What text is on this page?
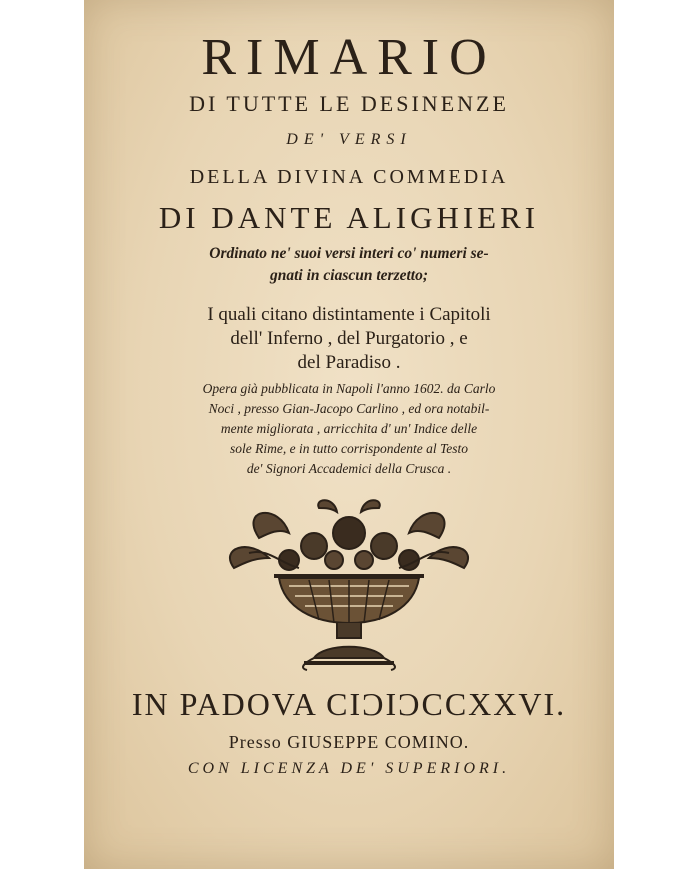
RIMARIO
DI TUTTE LE DESINENZE
DE' VERSI
DELLA DIVINA COMMEDIA
DI DANTE ALIGHIERI
Ordinato ne' suoi versi interi co' numeri se-
gnati in ciascun terzetto;
I quali citano distintamente i Capitoli
dell' Inferno , del Purgatorio , e
del Paradiso .
Opera già pubblicata in Napoli l'anno 1602. da Carlo
Noci , presso Gian-Jacopo Carlino , ed ora notabil-
mente migliorata , arricchita d' un' Indice delle
sole Rime, e in tutto corrispondente al Testo
de' Signori Accademici della Crusca .
IN PADOVA CIϽIϽCCXXVI.
Presso GIUSEPPE COMINO.
CON LICENZA DE' SUPERIORI.
